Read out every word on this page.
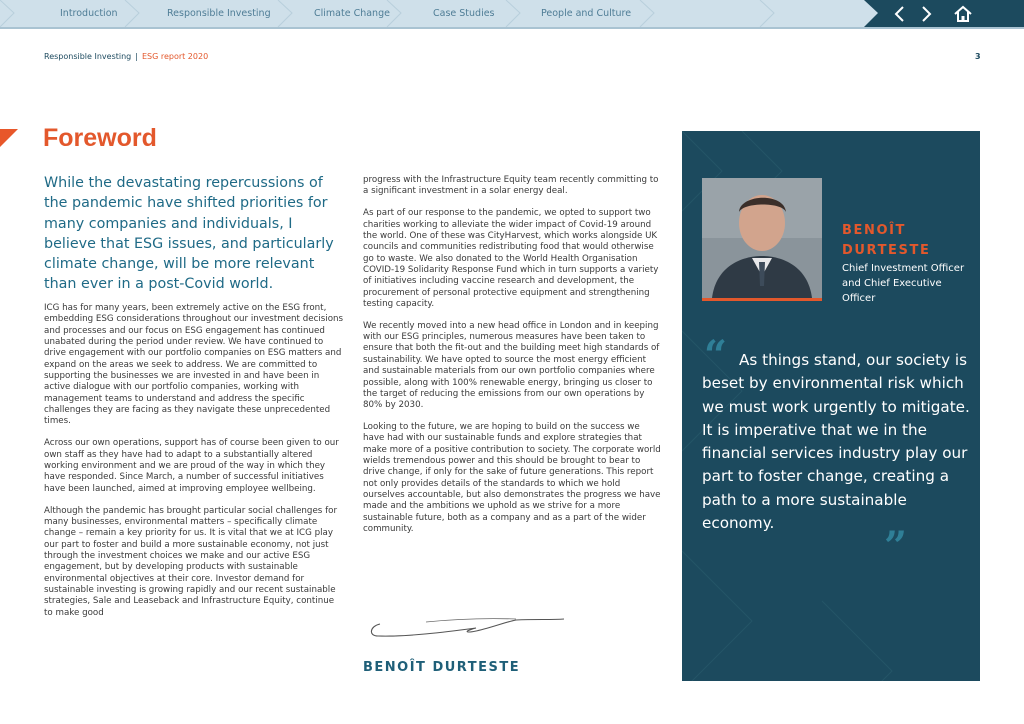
Introduction	Responsible Investing	Climate Change	Case Studies	People and Culture
Responsible Investing | ESG report 2020	3
Foreword

While the devastating repercussions of the pandemic have shifted priorities for many companies and individuals, I believe that ESG issues, and particularly climate change, will be more relevant than ever in a post-Covid world.

ICG has for many years, been extremely active on the ESG front, embedding ESG considerations throughout our investment decisions and processes and our focus on ESG engagement has continued unabated during the period under review. We have continued to drive engagement with our portfolio companies on ESG matters and expand on the areas we seek to address. We are committed to supporting the businesses we are invested in and have been in active dialogue with our portfolio companies, working with management teams to understand and address the specific challenges they are facing as they navigate these unprecedented times.

Across our own operations, support has of course been given to our own staff as they have had to adapt to a substantially altered working environment and we are proud of the way in which they have responded. Since March, a number of successful initiatives have been launched, aimed at improving employee wellbeing.

Although the pandemic has brought particular social challenges for many businesses, environmental matters – specifically climate change – remain a key priority for us. It is vital that we at ICG play our part to foster and build a more sustainable economy, not just through the investment choices we make and our active ESG engagement, but by developing products with sustainable environmental objectives at their core. Investor demand for sustainable investing is growing rapidly and our recent sustainable strategies, Sale and Leaseback and Infrastructure Equity, continue to make good

progress with the Infrastructure Equity team recently committing to a significant investment in a solar energy deal.

As part of our response to the pandemic, we opted to support two charities working to alleviate the wider impact of Covid-19 around the world. One of these was CityHarvest, which works alongside UK councils and communities redistributing food that would otherwise go to waste. We also donated to the World Health Organisation COVID-19 Solidarity Response Fund which in turn supports a variety of initiatives including vaccine research and development, the procurement of personal protective equipment and strengthening testing capacity.

We recently moved into a new head office in London and in keeping with our ESG principles, numerous measures have been taken to ensure that both the fit-out and the building meet high standards of sustainability. We have opted to source the most energy efficient and sustainable materials from our own portfolio companies where possible, along with 100% renewable energy, bringing us closer to the target of reducing the emissions from our own operations by 80% by 2030.

Looking to the future, we are hoping to build on the success we have had with our sustainable funds and explore strategies that make more of a positive contribution to society. The corporate world wields tremendous power and this should be brought to bear to drive change, if only for the sake of future generations. This report not only provides details of the standards to which we hold ourselves accountable, but also demonstrates the progress we have made and the ambitions we uphold as we strive for a more sustainable future, both as a company and as a part of the wider community.

BENOÎT DURTESTE
BENOÎT
DURTESTE
Chief Investment Officer and Chief Executive Officer
“ As things stand, our society is beset by environmental risk which we must work urgently to mitigate. It is imperative that we in the financial services industry play our part to foster change, creating a path to a more sustainable economy.	”
